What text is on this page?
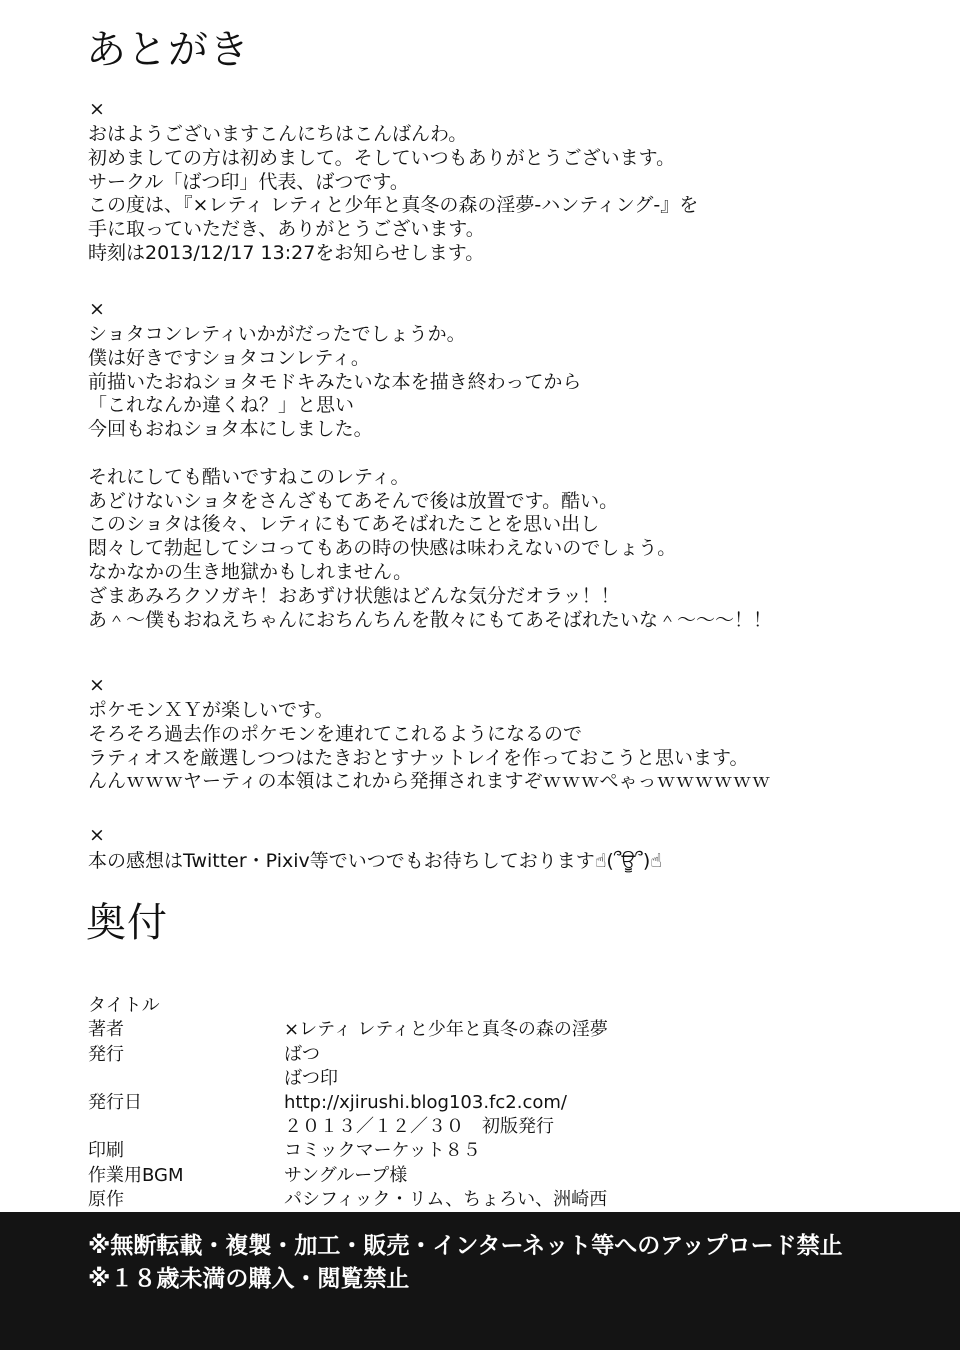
あとがき
×
おはようございますこんにちはこんばんわ。
初めましての方は初めまして。そしていつもありがとうございます。
サークル「ばつ印」代表、ばつです。
この度は、『×レティ レティと少年と真冬の森の淫夢-ハンティング-』を
手に取っていただき、ありがとうございます。
時刻は2013/12/17 13:27をお知らせします。
×
ショタコンレティいかがだったでしょうか。
僕は好きですショタコンレティ。
前描いたおねショタモドキみたいな本を描き終わってから
「これなんか違くね？」と思い
今回もおねショタ本にしました。
それにしても酷いですねこのレティ。
あどけないショタをさんざもてあそんで後は放置です。酷い。
このショタは後々、レティにもてあそばれたことを思い出し
悶々して勃起してシコってもあの時の快感は味わえないのでしょう。
なかなかの生き地獄かもしれません。
ざまあみろクソガキ！おあずけ状態はどんな気分だオラッ！！
あ＾〜僕もおねえちゃんにおちんちんを散々にもてあそばれたいな＾〜〜〜！！
×
ポケモンＸＹが楽しいです。
そろそろ過去作のポケモンを連れてこれるようになるので
ラティオスを厳選しつつはたきおとすナットレイを作っておこうと思います。
んんｗｗｗヤーティの本領はこれから発揮されますぞｗｗｗぺゃっｗｗｗｗｗｗ
×
本の感想はTwitter・Pixiv等でいつでもお待ちしております☝(՞ਊ՞)☝
奥付

タイトル

×レティ レティと少年と真冬の森の淫夢

著者

ばつ

発行

ばつ印

http://xjirushi.blog103.fc2.com/

発行日

２０１３／１２／３０　初版発行

コミックマーケット８５

印刷

サングループ様

作業用BGM

パシフィック・リム、ちょろい、洲崎西

原作

※無断転載・複製・加工・販売・インターネット等へのアップロード禁止
※１８歳未満の購入・閲覧禁止
